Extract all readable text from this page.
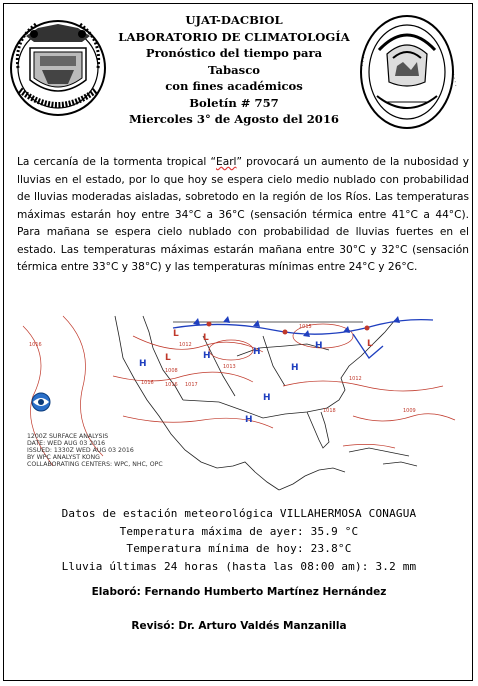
· · · · ·
· · · · ·
UJAT-DACBIOL
LABORATORIO DE CLIMATOLOGÍA
Pronóstico del tiempo para Tabasco
con fines académicos
Boletín # 757
Miercoles 3° de Agosto del 2016
La cercanía de la tormenta tropical “Earl” provocará un aumento de la nubosidad y lluvias en el estado, por lo que hoy se espera cielo medio nublado con probabilidad de lluvias moderadas aisladas, sobretodo en la región de los Ríos. Las temperaturas máximas estarán hoy entre 34°C a 36°C (sensación térmica entre 41°C a 44°C). Para mañana se espera cielo nublado con probabilidad de lluvias fuertes en el estado. Las temperaturas máximas estarán mañana entre 30°C y 32°C (sensación térmica entre 33°C y 38°C) y las temperaturas mínimas entre 24°C y 26°C.
H	H
H
H
H
H
H
L	L
L
L
1016	1012
1008
1016	1017
1013
1015
1018
1016
1009
1012
1200Z SURFACE ANALYSIS
DATE: WED AUG 03 2016
ISSUED: 1330Z WED AUG 03 2016
BY WPC ANALYST KONG
COLLABORATING CENTERS: WPC, NHC, OPC
Datos de estación meteorológica VILLAHERMOSA CONAGUA
Temperatura máxima de ayer: 35.9 °C
Temperatura mínima de hoy: 23.8°C
Lluvia últimas 24 horas (hasta las 08:00 am): 3.2 mm
Elaboró: Fernando Humberto Martínez Hernández
Revisó: Dr. Arturo Valdés Manzanilla
